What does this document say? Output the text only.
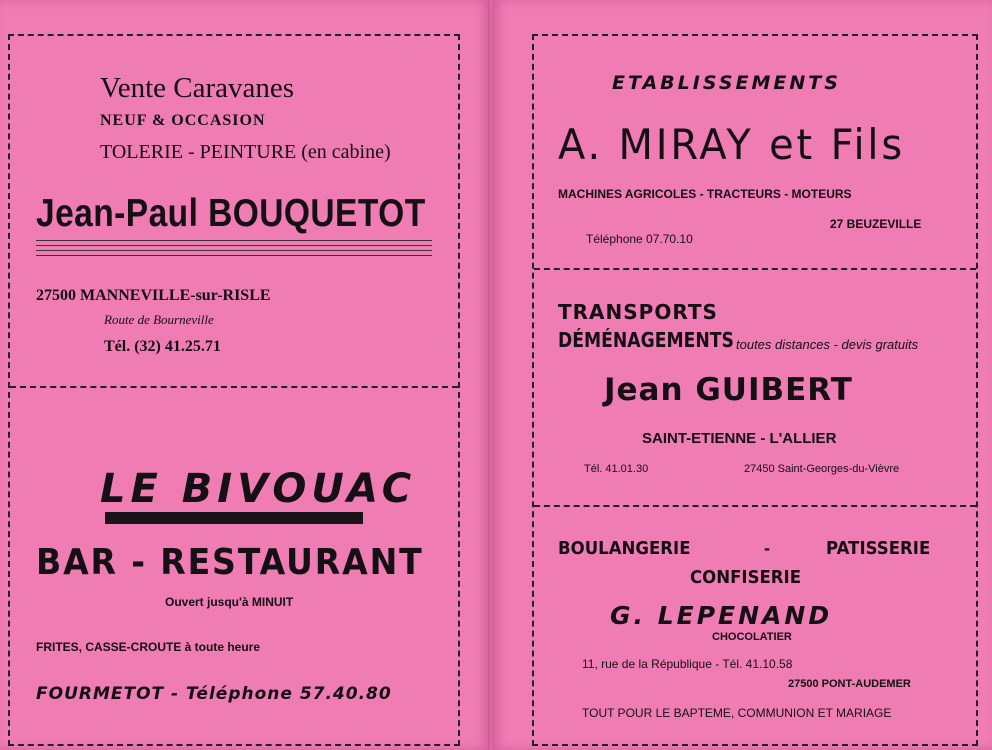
Vente Caravanes

NEUF & OCCASION

TOLERIE - PEINTURE (en cabine)

Jean-Paul BOUQUETOT

27500 MANNEVILLE-sur-RISLE

Route de Bourneville

Tél. (32) 41.25.71

LE BIVOUAC

BAR - RESTAURANT

Ouvert jusqu'à MINUIT

FRITES, CASSE-CROUTE à toute heure

FOURMETOT - Téléphone 57.40.80

ETABLISSEMENTS

A. MIRAY et Fils

MACHINES AGRICOLES - TRACTEURS - MOTEURS

27 BEUZEVILLE

Téléphone 07.70.10

TRANSPORTS

DÉMÉNAGEMENTS toutes distances - devis gratuits

Jean GUIBERT

SAINT-ETIENNE - L'ALLIER

Tél. 41.01.30	27450 Saint-Georges-du-Vièvre

BOULANGERIE	-	PATISSERIE

CONFISERIE

G. LEPENAND

CHOCOLATIER

11, rue de la République - Tél. 41.10.58

27500 PONT-AUDEMER

TOUT POUR LE BAPTEME, COMMUNION ET MARIAGE
